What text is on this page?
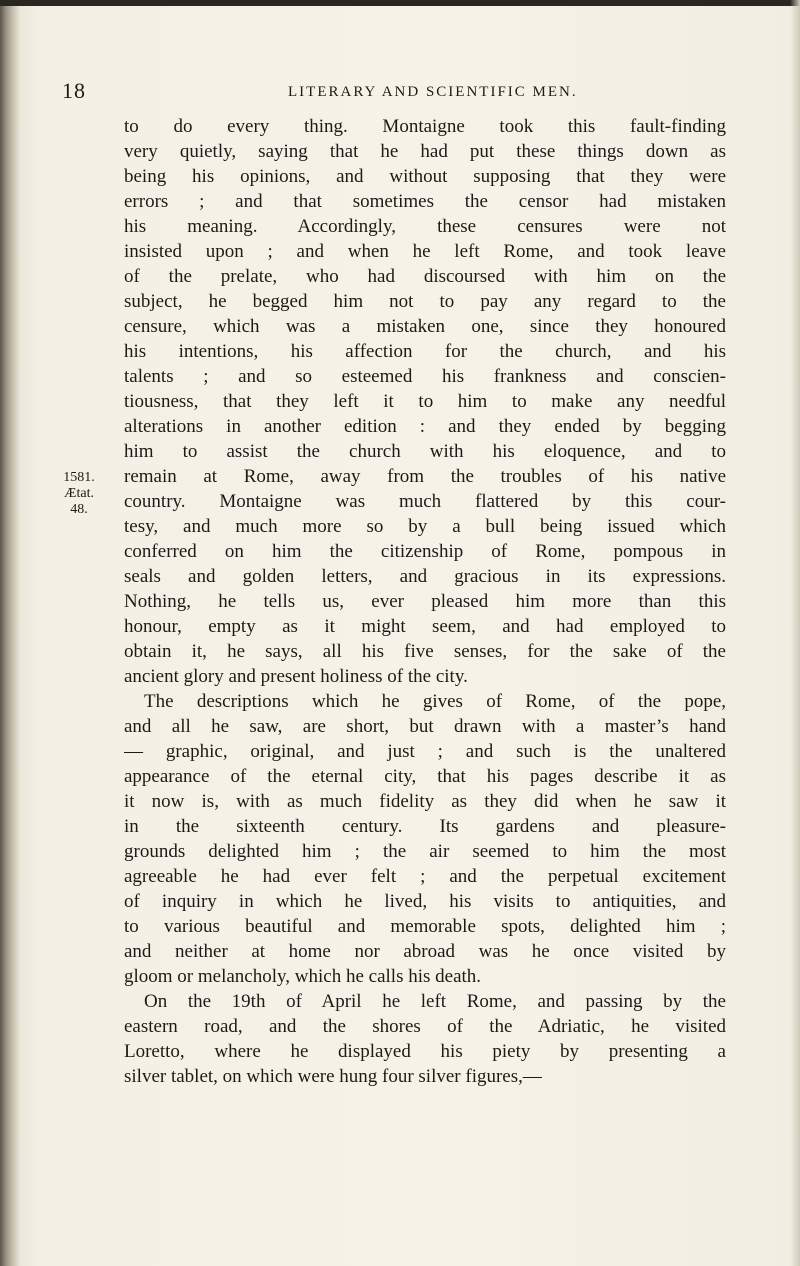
18	LITERARY AND SCIENTIFIC MEN.
1581.
Ætat.
48.
to do every thing. Montaigne took this fault-finding
very quietly, saying that he had put these things down as
being his opinions, and without supposing that they were
errors ; and that sometimes the censor had mistaken
his meaning. Accordingly, these censures were not
insisted upon ; and when he left Rome, and took leave
of the prelate, who had discoursed with him on the
subject, he begged him not to pay any regard to the
censure, which was a mistaken one, since they honoured
his intentions, his affection for the church, and his
talents ; and so esteemed his frankness and conscien-
tiousness, that they left it to him to make any needful
alterations in another edition : and they ended by begging
him to assist the church with his eloquence, and to
remain at Rome, away from the troubles of his native
country. Montaigne was much flattered by this cour-
tesy, and much more so by a bull being issued which
conferred on him the citizenship of Rome, pompous in
seals and golden letters, and gracious in its expressions.
Nothing, he tells us, ever pleased him more than this
honour, empty as it might seem, and had employed to
obtain it, he says, all his five senses, for the sake of the
ancient glory and present holiness of the city.
The descriptions which he gives of Rome, of the pope,
and all he saw, are short, but drawn with a master’s hand
— graphic, original, and just ; and such is the unaltered
appearance of the eternal city, that his pages describe it as
it now is, with as much fidelity as they did when he saw it
in the sixteenth century. Its gardens and pleasure-
grounds delighted him ; the air seemed to him the most
agreeable he had ever felt ; and the perpetual excitement
of inquiry in which he lived, his visits to antiquities, and
to various beautiful and memorable spots, delighted him ;
and neither at home nor abroad was he once visited by
gloom or melancholy, which he calls his death.
On the 19th of April he left Rome, and passing by the
eastern road, and the shores of the Adriatic, he visited
Loretto, where he displayed his piety by presenting a
silver tablet, on which were hung four silver figures,—
